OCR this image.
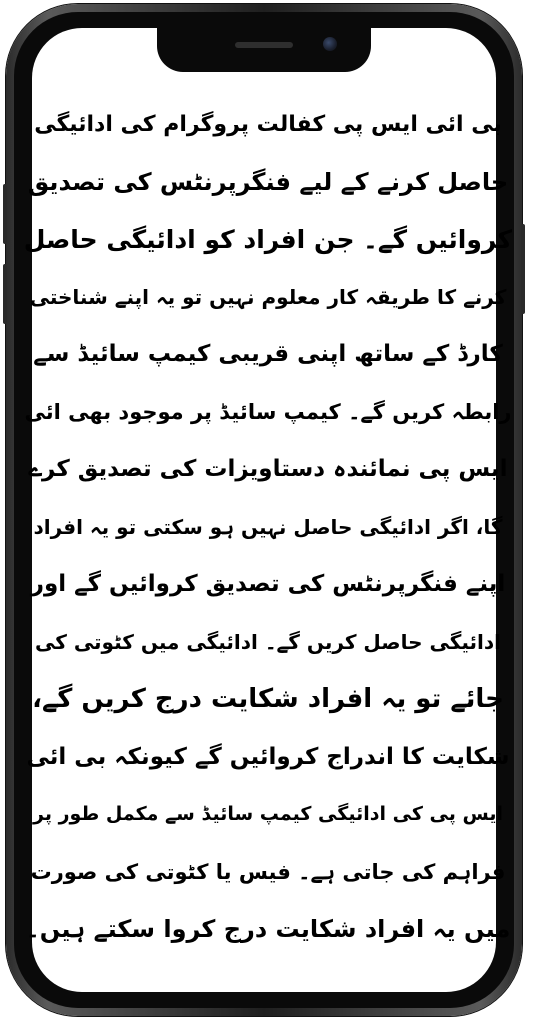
بی ائی ایس پی کفالت پروگرام کی ادائیگی
حاصل کرنے کے لیے فنگرپرنٹس کی تصدیق
کروائیں گے۔ جن افراد کو ادائیگی حاصل
کرنے کا طریقہ کار معلوم نہیں تو یہ اپنے شناختی
کارڈ کے ساتھ اپنی قریبی کیمپ سائیڈ سے
رابطہ کریں گے۔ کیمپ سائیڈ پر موجود بھی ائی
ایس پی نمائندہ دستاویزات کی تصدیق کرے
گا، اگر ادائیگی حاصل نہیں ہو سکتی تو یہ افراد
اپنے فنگرپرنٹس کی تصدیق کروائیں گے اور
ادائیگی حاصل کریں گے۔ ادائیگی میں کٹوتی کی
جائے تو یہ افراد شکایت درج کریں گے،
شکایت کا اندراج کروائیں گے کیونکہ بی ائی
ایس پی کی ادائیگی کیمپ سائیڈ سے مکمل طور پر
فراہم کی جاتی ہے۔ فیس یا کٹوتی کی صورت
میں یہ افراد شکایت درج کروا سکتے ہیں۔
